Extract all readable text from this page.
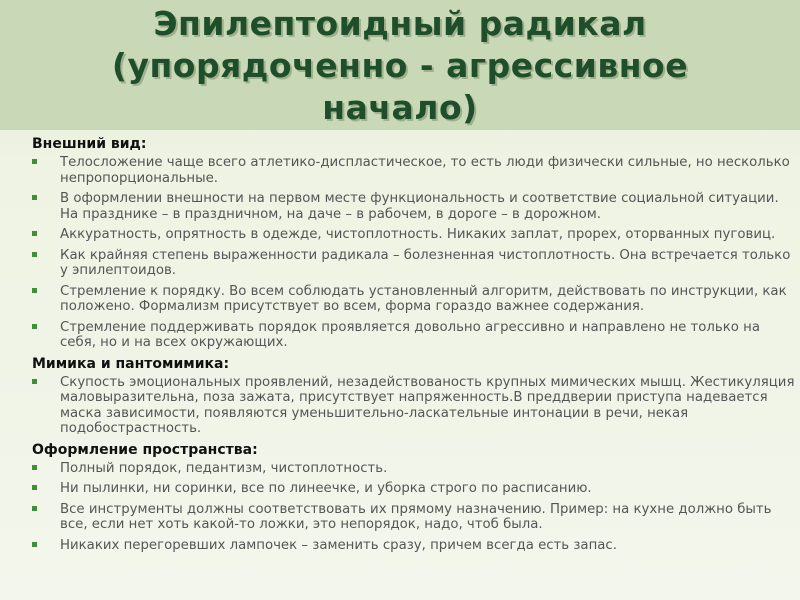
Эпилептоидный радикал
(упорядоченно - агрессивное
начало)
Внешний вид:
Телосложение чаще всего атлетико-диспластическое, то есть люди физически сильные, но несколько непропорциональные.
В оформлении внешности на первом месте функциональность и соответствие социальной ситуации. На празднике – в праздничном, на даче – в рабочем, в дороге – в дорожном.
Аккуратность, опрятность в одежде, чистоплотность. Никаких заплат, прорех, оторванных пуговиц.
Как крайняя степень выраженности радикала – болезненная чистоплотность. Она встречается только у эпилептоидов.
Стремление к порядку. Во всем соблюдать установленный алгоритм, действовать по инструкции, как положено. Формализм присутствует во всем, форма гораздо важнее содержания.
Стремление поддерживать порядок проявляется довольно агрессивно и направлено не только на себя, но и на всех окружающих.
Мимика и пантомимика:
Скупость эмоциональных проявлений, незадействованость крупных мимических мышц. Жестикуляция маловыразительна, поза зажата, присутствует напряженность.В преддверии приступа надевается маска зависимости, появляются уменьшительно-ласкательные интонации в речи, некая подобострастность.
Оформление пространства:
Полный порядок, педантизм, чистоплотность.
Ни пылинки, ни соринки, все по линеечке, и уборка строго по расписанию.
Все инструменты должны соответствовать их прямому назначению. Пример: на кухне должно быть все, если нет хоть какой-то ложки, это непорядок, надо, чтоб была.
Никаких перегоревших лампочек – заменить сразу, причем всегда есть запас.
